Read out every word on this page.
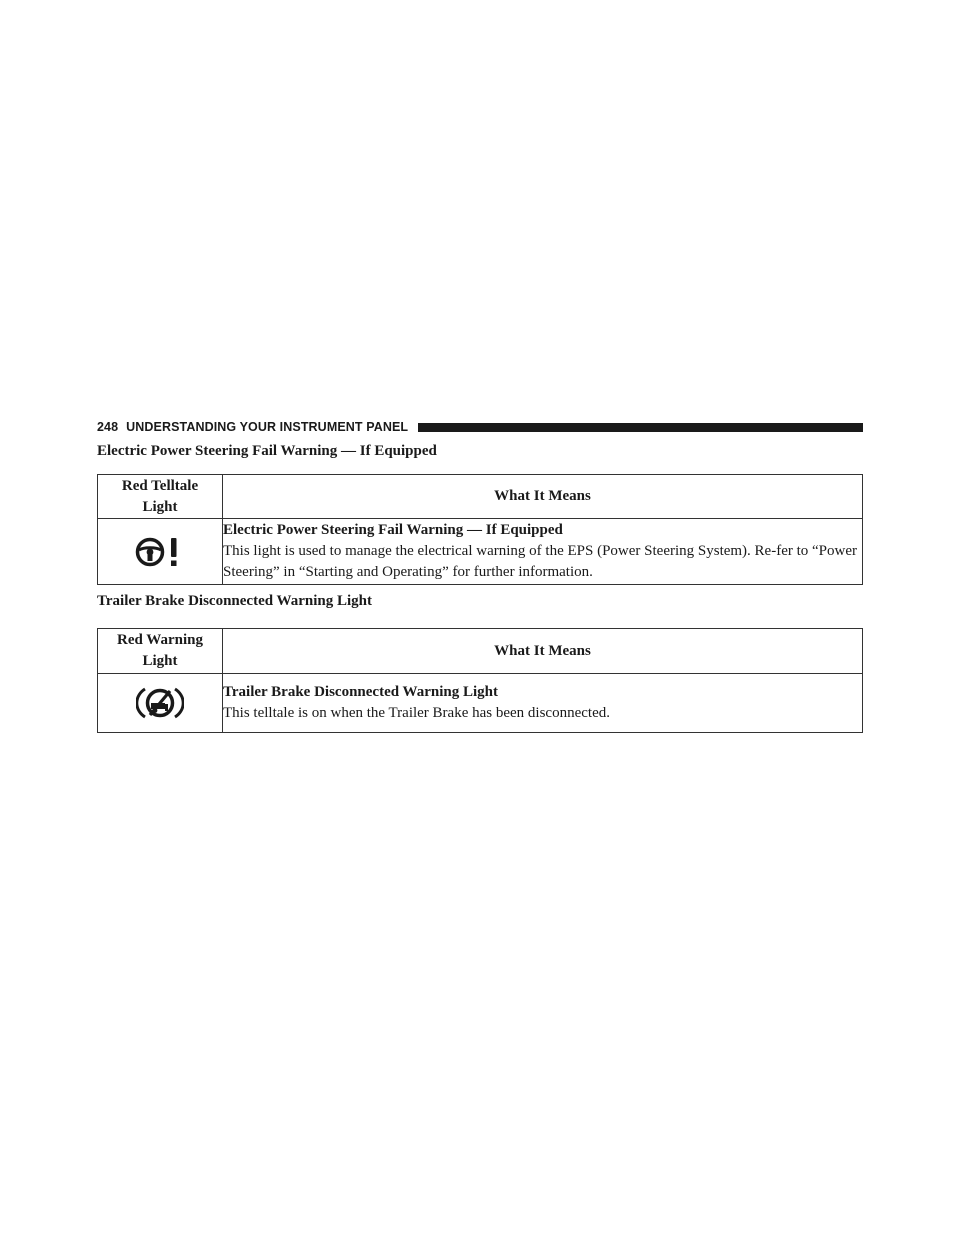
248 UNDERSTANDING YOUR INSTRUMENT PANEL
Electric Power Steering Fail Warning — If Equipped
Red Telltale
Light	What It Means

Electric Power Steering Fail Warning — If Equipped
This light is used to manage the electrical warning of the EPS (Power Steering System). Re-fer to “Power Steering” in “Starting and Operating” for further information.
Trailer Brake Disconnected Warning Light
Red Warning
Light	What It Means

Trailer Brake Disconnected Warning Light
This telltale is on when the Trailer Brake has been disconnected.
